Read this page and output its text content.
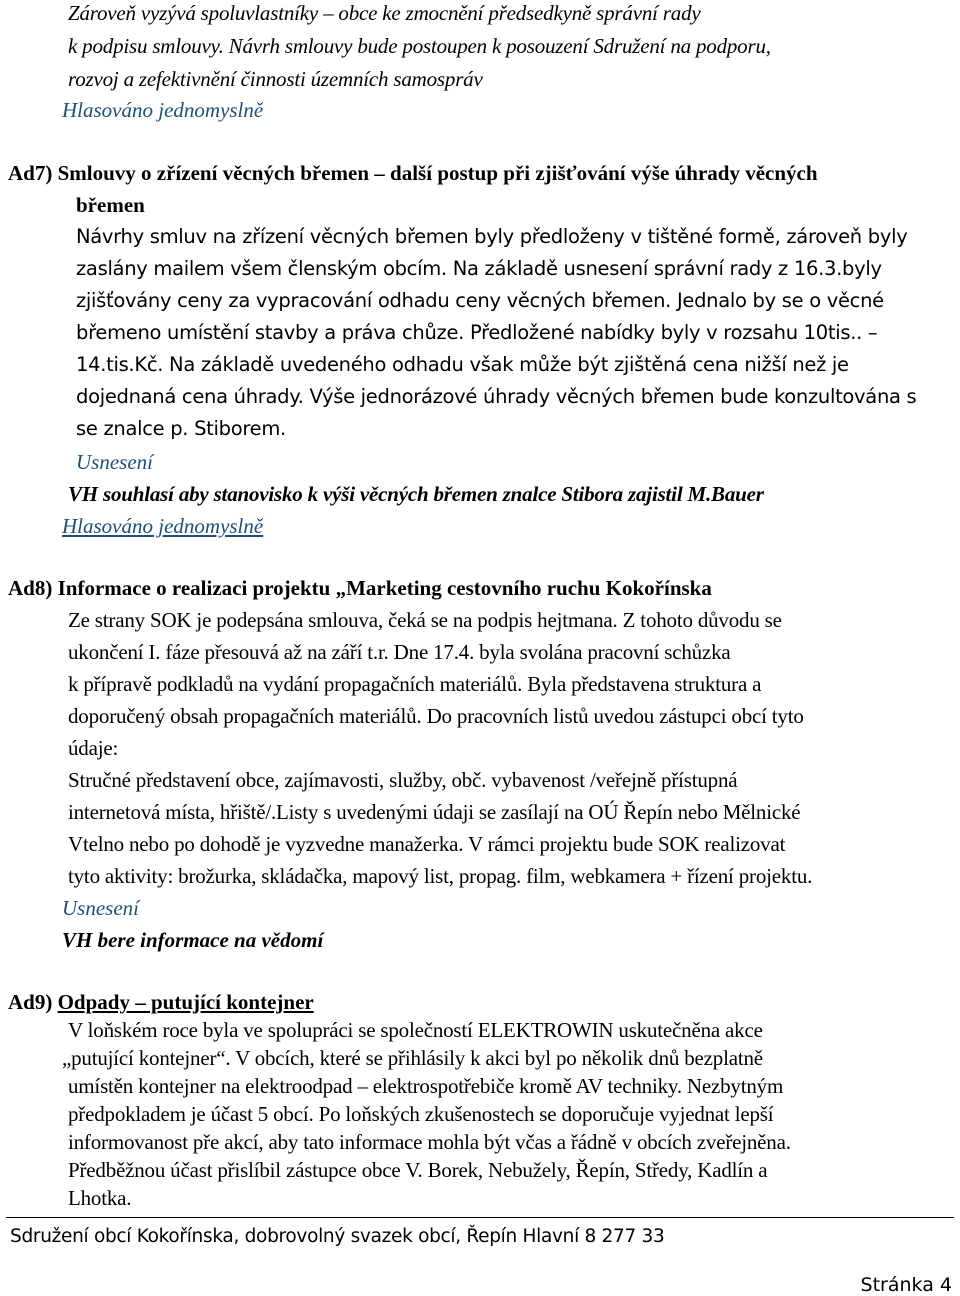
Zároveň vyzývá spoluvlastníky – obce ke zmocnění předsedkyně správní rady
k podpisu smlouvy. Návrh smlouvy bude postoupen k posouzení Sdružení na podporu,
rozvoj a zefektivnění činnosti územních samospráv
Hlasováno jednomyslně
Ad7) Smlouvy o zřízení věcných břemen – další postup při zjišťování výše úhrady věcných
břemen
Návrhy smluv na zřízení věcných břemen byly předloženy v tištěné formě, zároveň byly
zaslány mailem všem členským obcím. Na základě usnesení správní rady z 16.3.byly
zjišťovány ceny za vypracování odhadu ceny věcných břemen. Jednalo by se o věcné
břemeno umístění stavby a práva chůze. Předložené nabídky byly v rozsahu 10tis.. –
14.tis.Kč. Na základě uvedeného odhadu však může být zjištěná cena nižší než je
dojednaná cena úhrady. Výše jednorázové úhrady věcných břemen bude konzultována s
se znalce p. Stiborem.
Usnesení
VH souhlasí aby stanovisko k výši věcných břemen znalce Stibora zajistil M.Bauer
Hlasováno jednomyslně
Ad8) Informace o realizaci projektu „Marketing cestovního ruchu Kokořínska
Ze strany SOK je podepsána smlouva, čeká se na podpis hejtmana. Z tohoto důvodu se
ukončení I. fáze přesouvá až na září t.r. Dne 17.4. byla svolána pracovní schůzka
k přípravě podkladů na vydání propagačních materiálů. Byla představena struktura a
doporučený obsah propagačních materiálů. Do pracovních listů uvedou zástupci obcí tyto
údaje:
Stručné představení obce, zajímavosti, služby, obč. vybavenost /veřejně přístupná
internetová místa, hřiště/.Listy s uvedenými údaji se zasílají na OÚ Řepín nebo Mělnické
Vtelno nebo po dohodě je vyzvedne manažerka. V rámci projektu bude SOK realizovat
tyto aktivity: brožurka, skládačka, mapový list, propag. film, webkamera + řízení projektu.
Usnesení
VH bere informace na vědomí
Ad9) Odpady – putující kontejner
V loňském roce byla ve spolupráci se společností ELEKTROWIN uskutečněna akce
„putující kontejner“. V obcích, které se přihlásily k akci byl po několik dnů bezplatně
umístěn kontejner na elektroodpad – elektrospotřebiče kromě AV techniky. Nezbytným
předpokladem je účast 5 obcí. Po loňských zkušenostech se doporučuje vyjednat lepší
informovanost pře akcí, aby tato informace mohla být včas a řádně v obcích zveřejněna.
Předběžnou účast přislíbil zástupce obce V. Borek, Nebužely, Řepín, Středy, Kadlín a
Lhotka.
Sdružení obcí Kokořínska, dobrovolný svazek obcí, Řepín Hlavní 8 277 33
Stránka 4
